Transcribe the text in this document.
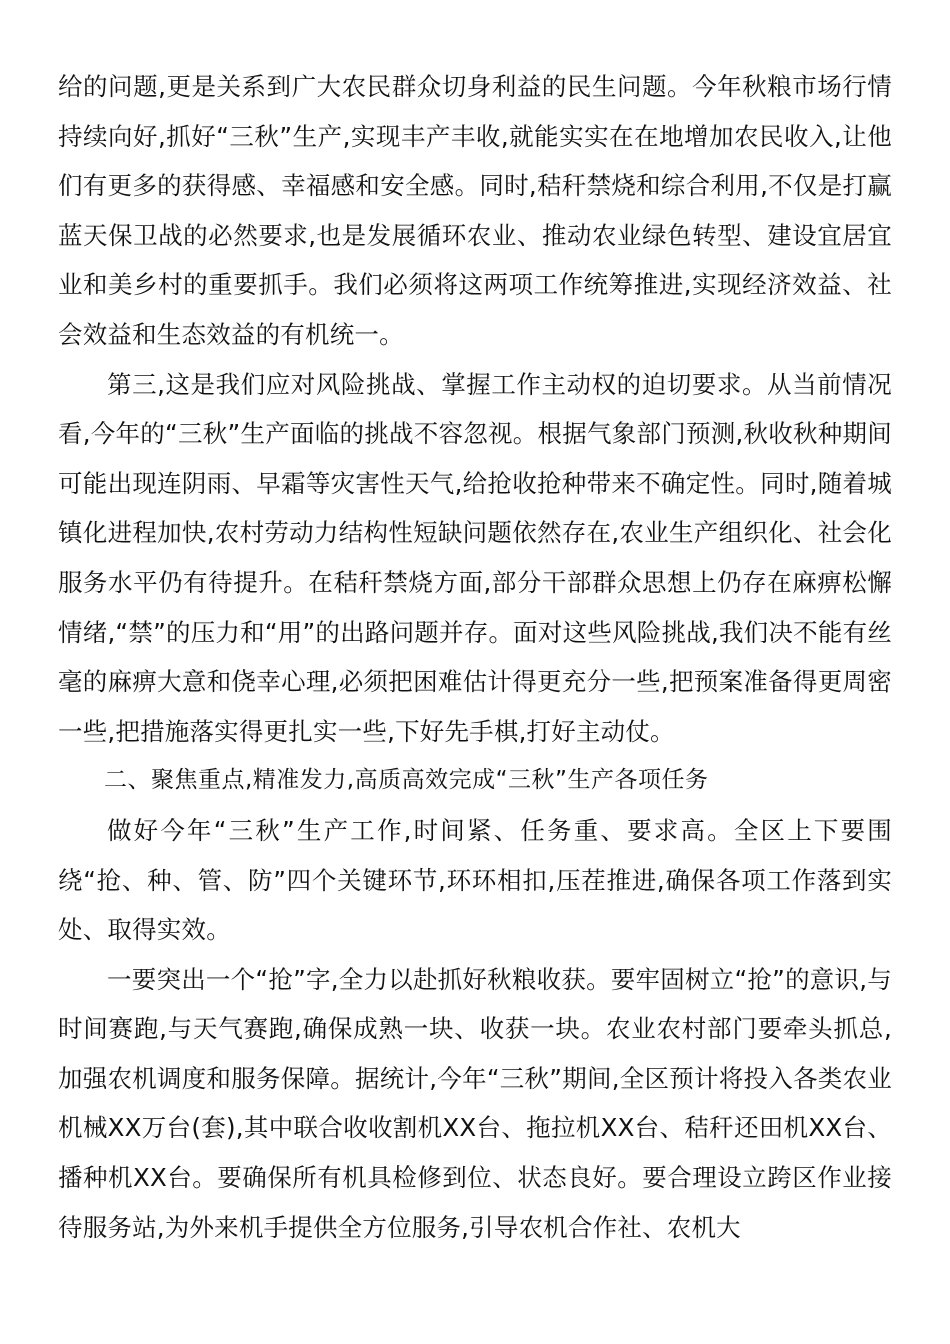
给的问题,更是关系到广大农民群众切身利益的民生问题。今年秋粮市场行情持续向好,抓好“三秋”生产,实现丰产丰收,就能实实在在地增加农民收入,让他们有更多的获得感、幸福感和安全感。同时,秸秆禁烧和综合利用,不仅是打赢蓝天保卫战的必然要求,也是发展循环农业、推动农业绿色转型、建设宜居宜业和美乡村的重要抓手。我们必须将这两项工作统筹推进,实现经济效益、社会效益和生态效益的有机统一。

第三,这是我们应对风险挑战、掌握工作主动权的迫切要求。从当前情况看,今年的“三秋”生产面临的挑战不容忽视。根据气象部门预测,秋收秋种期间可能出现连阴雨、早霜等灾害性天气,给抢收抢种带来不确定性。同时,随着城镇化进程加快,农村劳动力结构性短缺问题依然存在,农业生产组织化、社会化服务水平仍有待提升。在秸秆禁烧方面,部分干部群众思想上仍存在麻痹松懈情绪,“禁”的压力和“用”的出路问题并存。面对这些风险挑战,我们决不能有丝毫的麻痹大意和侥幸心理,必须把困难估计得更充分一些,把预案准备得更周密一些,把措施落实得更扎实一些,下好先手棋,打好主动仗。

二、聚焦重点,精准发力,高质高效完成“三秋”生产各项任务

做好今年“三秋”生产工作,时间紧、任务重、要求高。全区上下要围绕“抢、种、管、防”四个关键环节,环环相扣,压茬推进,确保各项工作落到实处、取得实效。

一要突出一个“抢”字,全力以赴抓好秋粮收获。要牢固树立“抢”的意识,与时间赛跑,与天气赛跑,确保成熟一块、收获一块。农业农村部门要牵头抓总,加强农机调度和服务保障。据统计,今年“三秋”期间,全区预计将投入各类农业机械XX万台(套),其中联合收收割机XX台、拖拉机XX台、秸秆还田机XX台、播种机XX台。要确保所有机具检修到位、状态良好。要合理设立跨区作业接待服务站,为外来机手提供全方位服务,引导农机合作社、农机大
